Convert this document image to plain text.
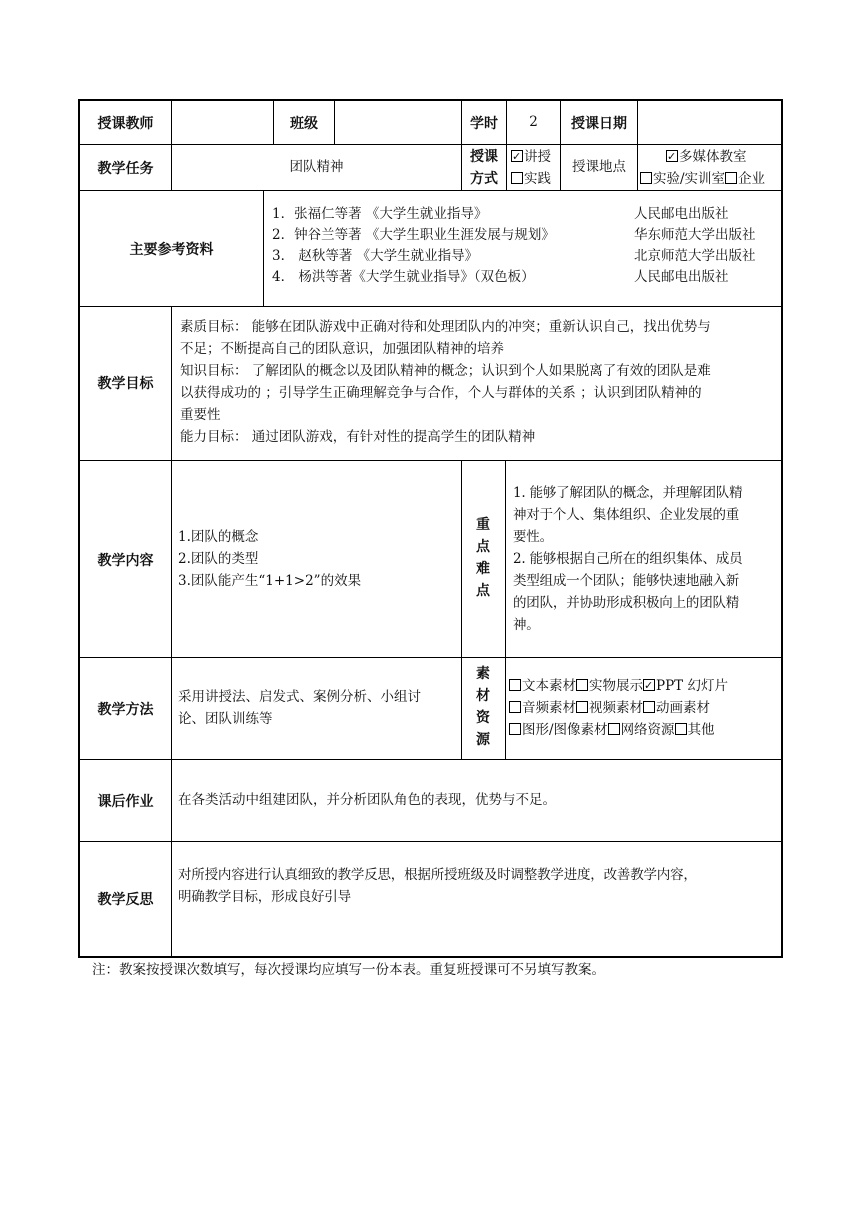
授课教师	班级	学时	2	授课日期
教学任务	团队精神
授课
方式
✓讲授
实践
授课地点
✓多媒体教室
实验/实训室 企业
主要参考资料
1．张福仁等著 《大学生就业指导》
2．钟谷兰等著 《大学生职业生涯发展与规划》
3． 赵秋等著 《大学生就业指导》
4． 杨洪等著《大学生就业指导》（双色板）
人民邮电出版社
华东师范大学出版社
北京师范大学出版社
人民邮电出版社
教学目标
素质目标： 能够在团队游戏中正确对待和处理团队内的冲突；重新认识自己，找出优势与
不足；不断提高自己的团队意识，加强团队精神的培养
知识目标： 了解团队的概念以及团队精神的概念；认识到个人如果脱离了有效的团队是难
以获得成功的 ；引导学生正确理解竞争与合作，个人与群体的关系 ；认识到团队精神的
重要性
能力目标： 通过团队游戏，有针对性的提高学生的团队精神
教学内容
1.团队的概念
2.团队的类型
3.团队能产生“1+1>2”的效果
重
点
难
点
1. 能够了解团队的概念，并理解团队精
神对于个人、集体组织、企业发展的重
要性。
2. 能够根据自己所在的组织集体、成员
类型组成一个团队；能够快速地融入新
的团队，并协助形成积极向上的团队精
神。
教学方法
采用讲授法、启发式、案例分析、小组讨
论、团队训练等
素
材
资
源
文本素材 实物展示✓ PPT 幻灯片
音频素材 视频素材 动画素材
图形/图像素材 网络资源 其他
课后作业	在各类活动中组建团队，并分析团队角色的表现，优势与不足。
教学反思
对所授内容进行认真细致的教学反思，根据所授班级及时调整教学进度，改善教学内容，
明确教学目标，形成良好引导
注：教案按授课次数填写，每次授课均应填写一份本表。重复班授课可不另填写教案。
